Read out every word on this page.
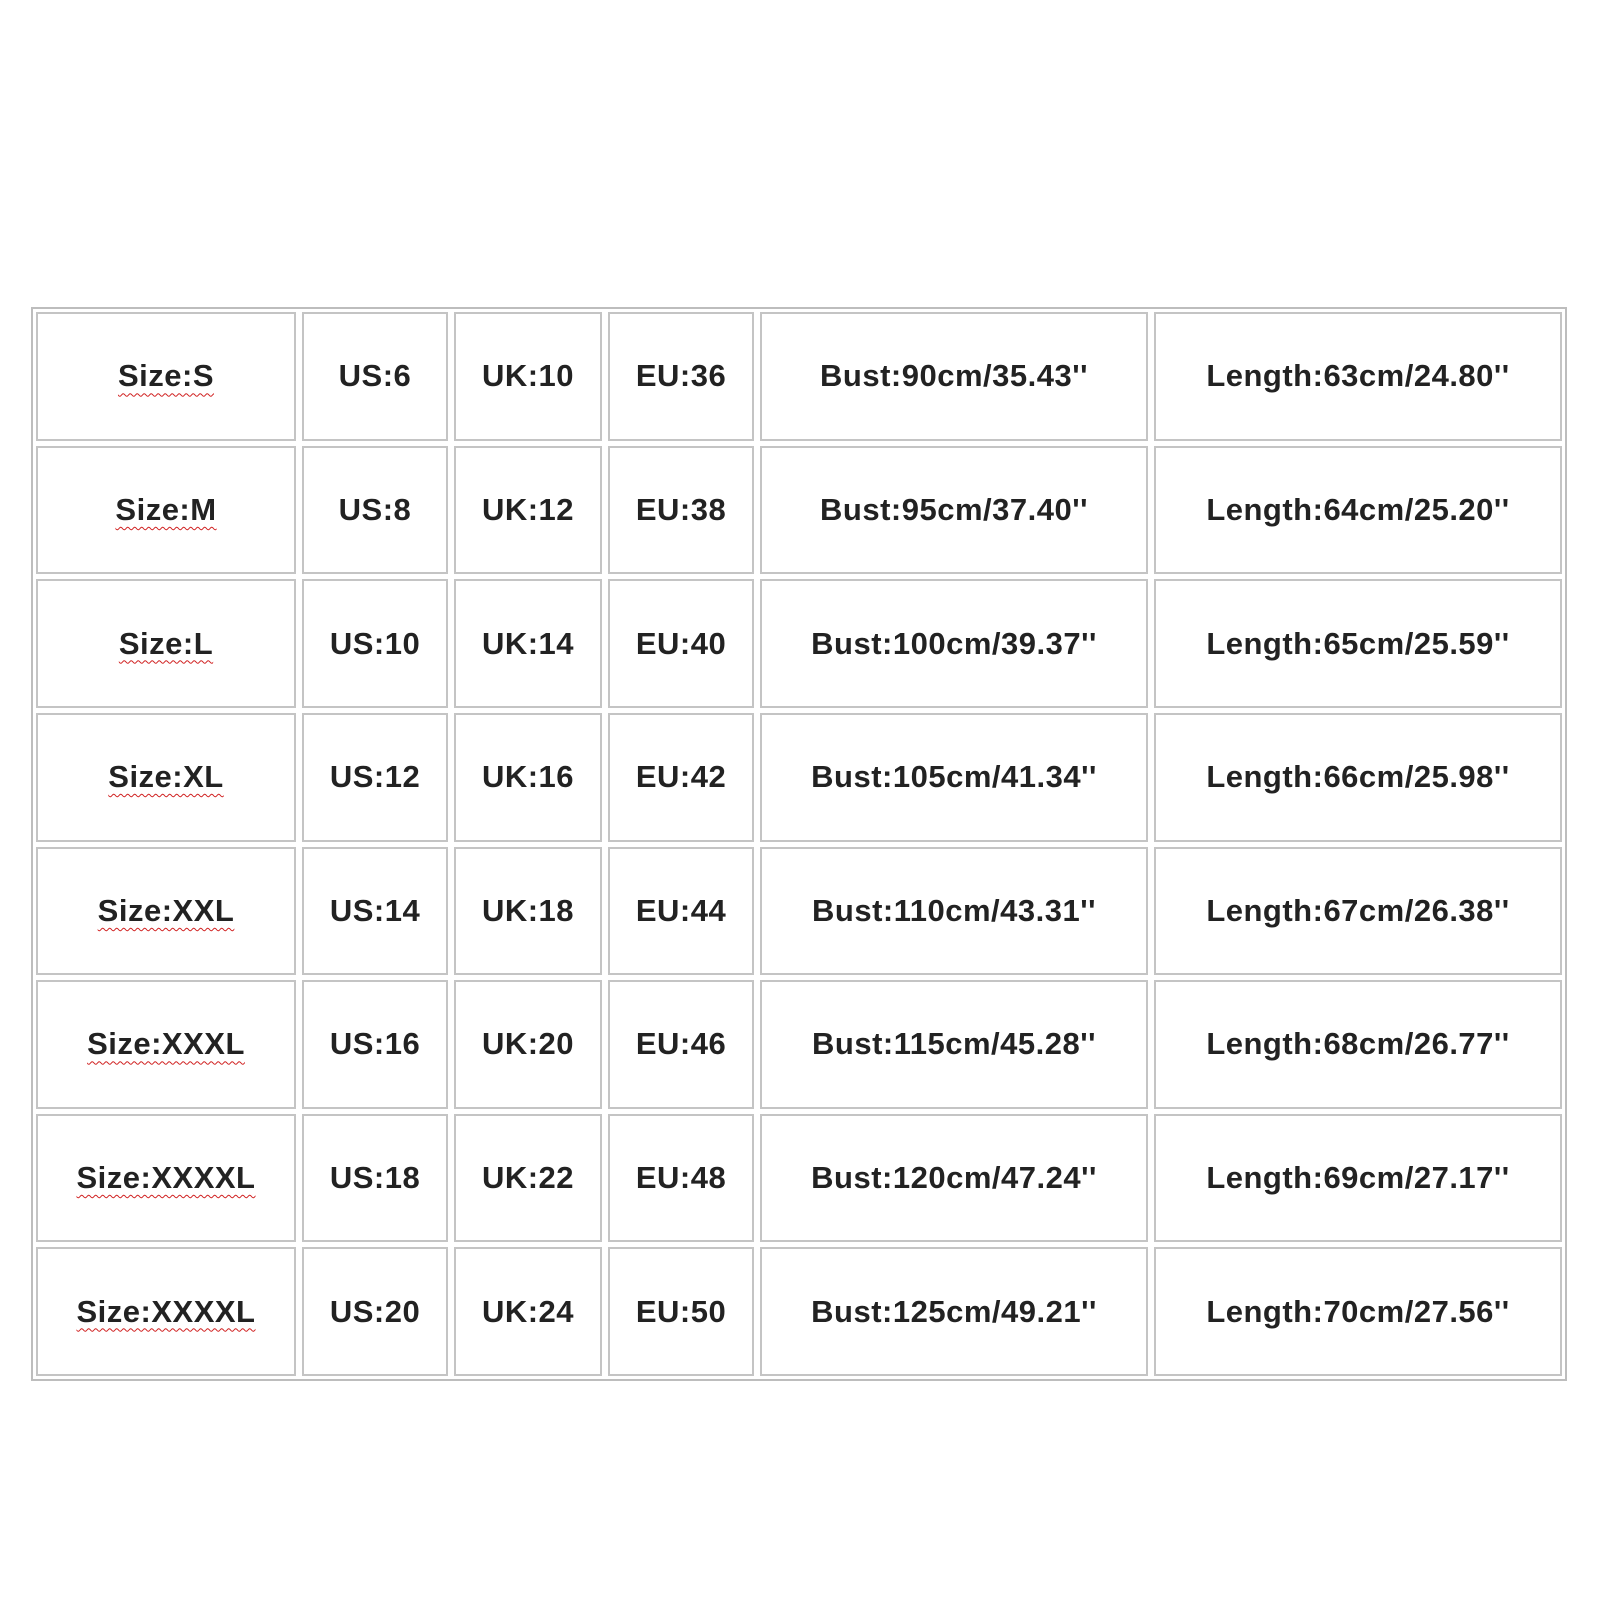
Size:S	US:6	UK:10	EU:36	Bust:90cm/35.43''	Length:63cm/24.80''
Size:M	US:8	UK:12	EU:38	Bust:95cm/37.40''	Length:64cm/25.20''
Size:L	US:10	UK:14	EU:40	Bust:100cm/39.37''	Length:65cm/25.59''
Size:XL	US:12	UK:16	EU:42	Bust:105cm/41.34''	Length:66cm/25.98''
Size:XXL	US:14	UK:18	EU:44	Bust:110cm/43.31''	Length:67cm/26.38''
Size:XXXL	US:16	UK:20	EU:46	Bust:115cm/45.28''	Length:68cm/26.77''
Size:XXXXL	US:18	UK:22	EU:48	Bust:120cm/47.24''	Length:69cm/27.17''
Size:XXXXL	US:20	UK:24	EU:50	Bust:125cm/49.21''	Length:70cm/27.56''
